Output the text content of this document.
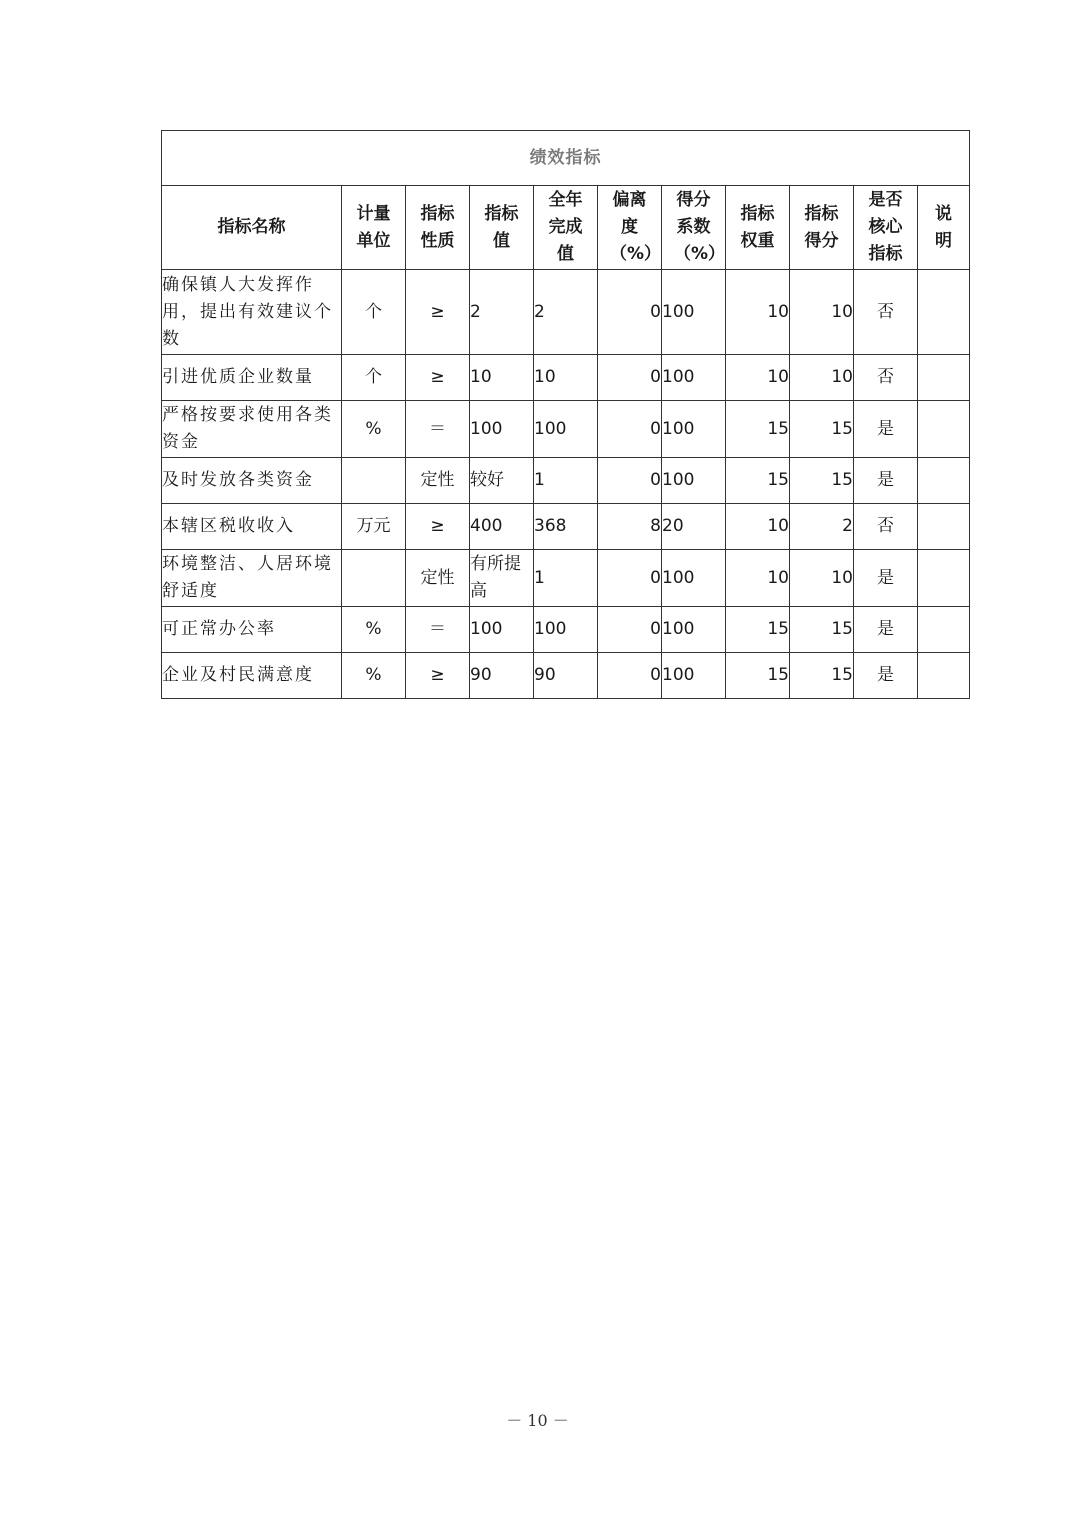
绩效指标										
指标名称	计量单位	指标性质	指标值	全年完成值	偏离度（%）	得分系数（%）	指标权重	指标得分	是否核心指标	说明
确保镇人大发挥作用，提出有效建议个数	个	≥	2	2	0	100	10	10	否	
引进优质企业数量	个	≥	10	10	0	100	10	10	否	
严格按要求使用各类资金	%	＝	100	100	0	100	15	15	是	
及时发放各类资金		定性	较好	1	0	100	15	15	是	
本辖区税收收入	万元	≥	400	368	8	20	10	2	否	
环境整洁、人居环境舒适度		定性	有所提高	1	0	100	10	10	是	
可正常办公率	%	＝	100	100	0	100	15	15	是	
企业及村民满意度	%	≥	90	90	0	100	15	15	是	
－ 10 －
